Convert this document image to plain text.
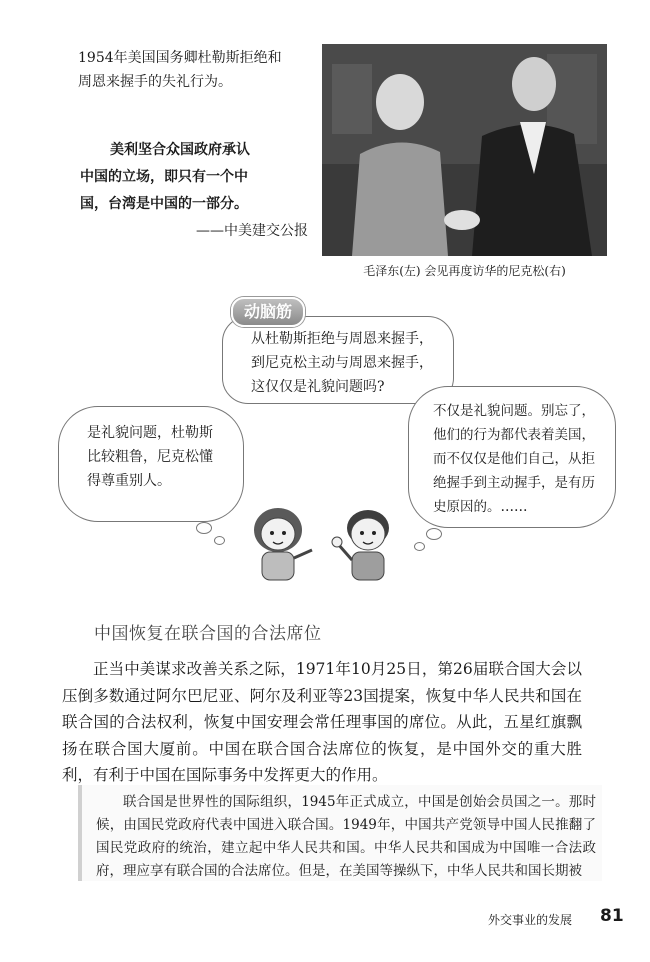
1954年美国国务卿杜勒斯拒绝和
周恩来握手的失礼行为。
美利坚合众国政府承认
中国的立场，即只有一个中
国，台湾是中国的一部分。
——中美建交公报
毛泽东(左) 会见再度访华的尼克松(右)

从杜勒斯拒绝与周恩来握手，到尼克松主动与周恩来握手，这仅仅是礼貌问题吗?

动脑筋

是礼貌问题，杜勒斯比较粗鲁，尼克松懂得尊重别人。

不仅是礼貌问题。别忘了，他们的行为都代表着美国，而不仅仅是他们自己，从拒绝握手到主动握手，是有历史原因的。……

中国恢复在联合国的合法席位

正当中美谋求改善关系之际，1971年10月25日，第26届联合国大会以压倒多数通过阿尔巴尼亚、阿尔及利亚等23国提案，恢复中华人民共和国在联合国的合法权利，恢复中国安理会常任理事国的席位。从此，五星红旗飘扬在联合国大厦前。中国在联合国合法席位的恢复，是中国外交的重大胜利，有利于中国在国际事务中发挥更大的作用。

联合国是世界性的国际组织，1945年正式成立，中国是创始会员国之一。那时候，由国民党政府代表中国进入联合国。1949年，中国共产党领导中国人民推翻了国民党政府的统治，建立起中华人民共和国。中华人民共和国成为中国唯一合法政府，理应享有联合国的合法席位。但是，在美国等操纵下，中华人民共和国长期被

外交事业的发展 81
